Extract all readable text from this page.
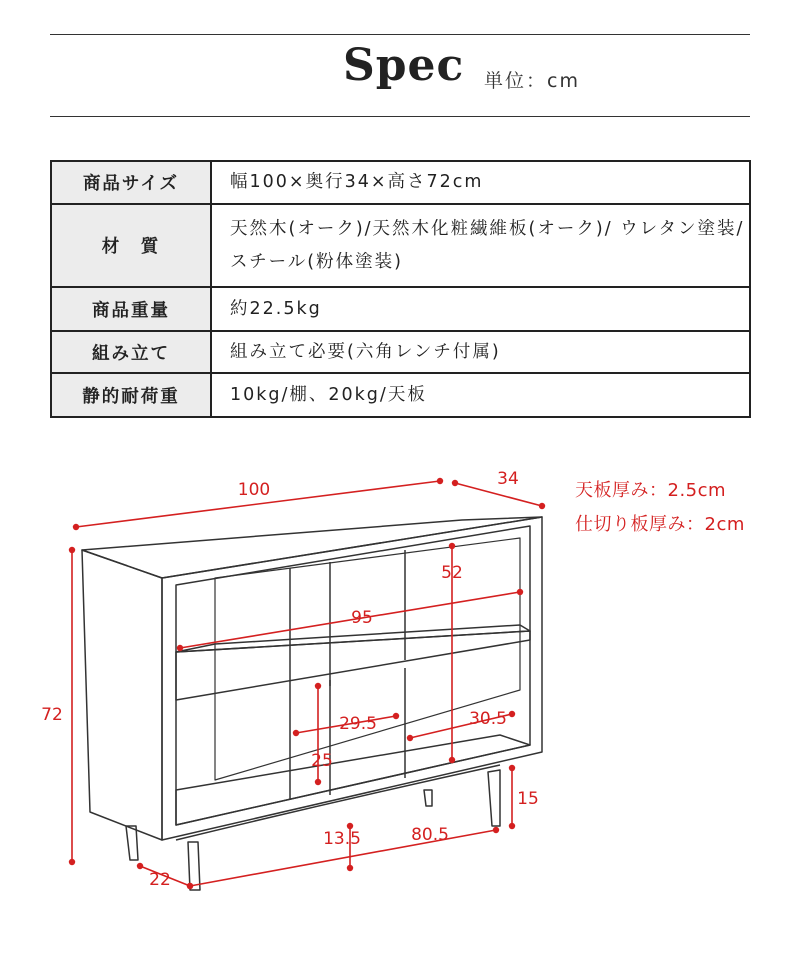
Spec 単位：cm
商品サイズ	幅100×奥行34×高さ72cm
材　質	天然木(オーク)/天然木化粧繊維板(オーク)/ ウレタン塗装/スチール(粉体塗装)
商品重量	約22.5kg
組み立て	組み立て必要(六角レンチ付属)
静的耐荷重	10kg/棚、20kg/天板
天板厚み：2.5cm
仕切り板厚み：2cm
100
34
72
52
95
29.5	30.5
25
15
13.5	80.5
22
